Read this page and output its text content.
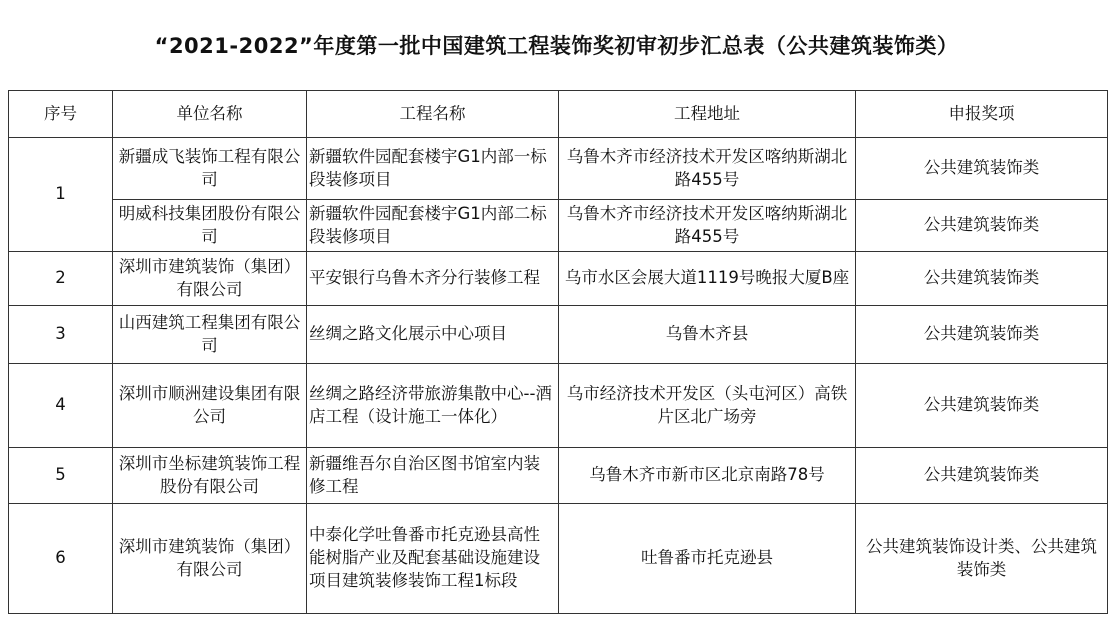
“2021-2022”年度第一批中国建筑工程装饰奖初审初步汇总表（公共建筑装饰类）
序号	单位名称	工程名称	工程地址	申报奖项
1	新疆成飞装饰工程有限公司	新疆软件园配套楼宇G1内部一标段装修项目	乌鲁木齐市经济技术开发区喀纳斯湖北路455号	公共建筑装饰类
	明威科技集团股份有限公司	新疆软件园配套楼宇G1内部二标段装修项目	乌鲁木齐市经济技术开发区喀纳斯湖北路455号	公共建筑装饰类
2	深圳市建筑装饰（集团）有限公司	平安银行乌鲁木齐分行装修工程	乌市水区会展大道1119号晚报大厦B座	公共建筑装饰类
3	山西建筑工程集团有限公司	丝绸之路文化展示中心项目	乌鲁木齐县	公共建筑装饰类
4	深圳市顺洲建设集团有限公司	丝绸之路经济带旅游集散中心--酒店工程（设计施工一体化）	乌市经济技术开发区（头屯河区）高铁片区北广场旁	公共建筑装饰类
5	深圳市坐标建筑装饰工程股份有限公司	新疆维吾尔自治区图书馆室内装修工程	乌鲁木齐市新市区北京南路78号	公共建筑装饰类
6	深圳市建筑装饰（集团）有限公司	中泰化学吐鲁番市托克逊县高性能树脂产业及配套基础设施建设项目建筑装修装饰工程1标段	吐鲁番市托克逊县	公共建筑装饰设计类、公共建筑装饰类
